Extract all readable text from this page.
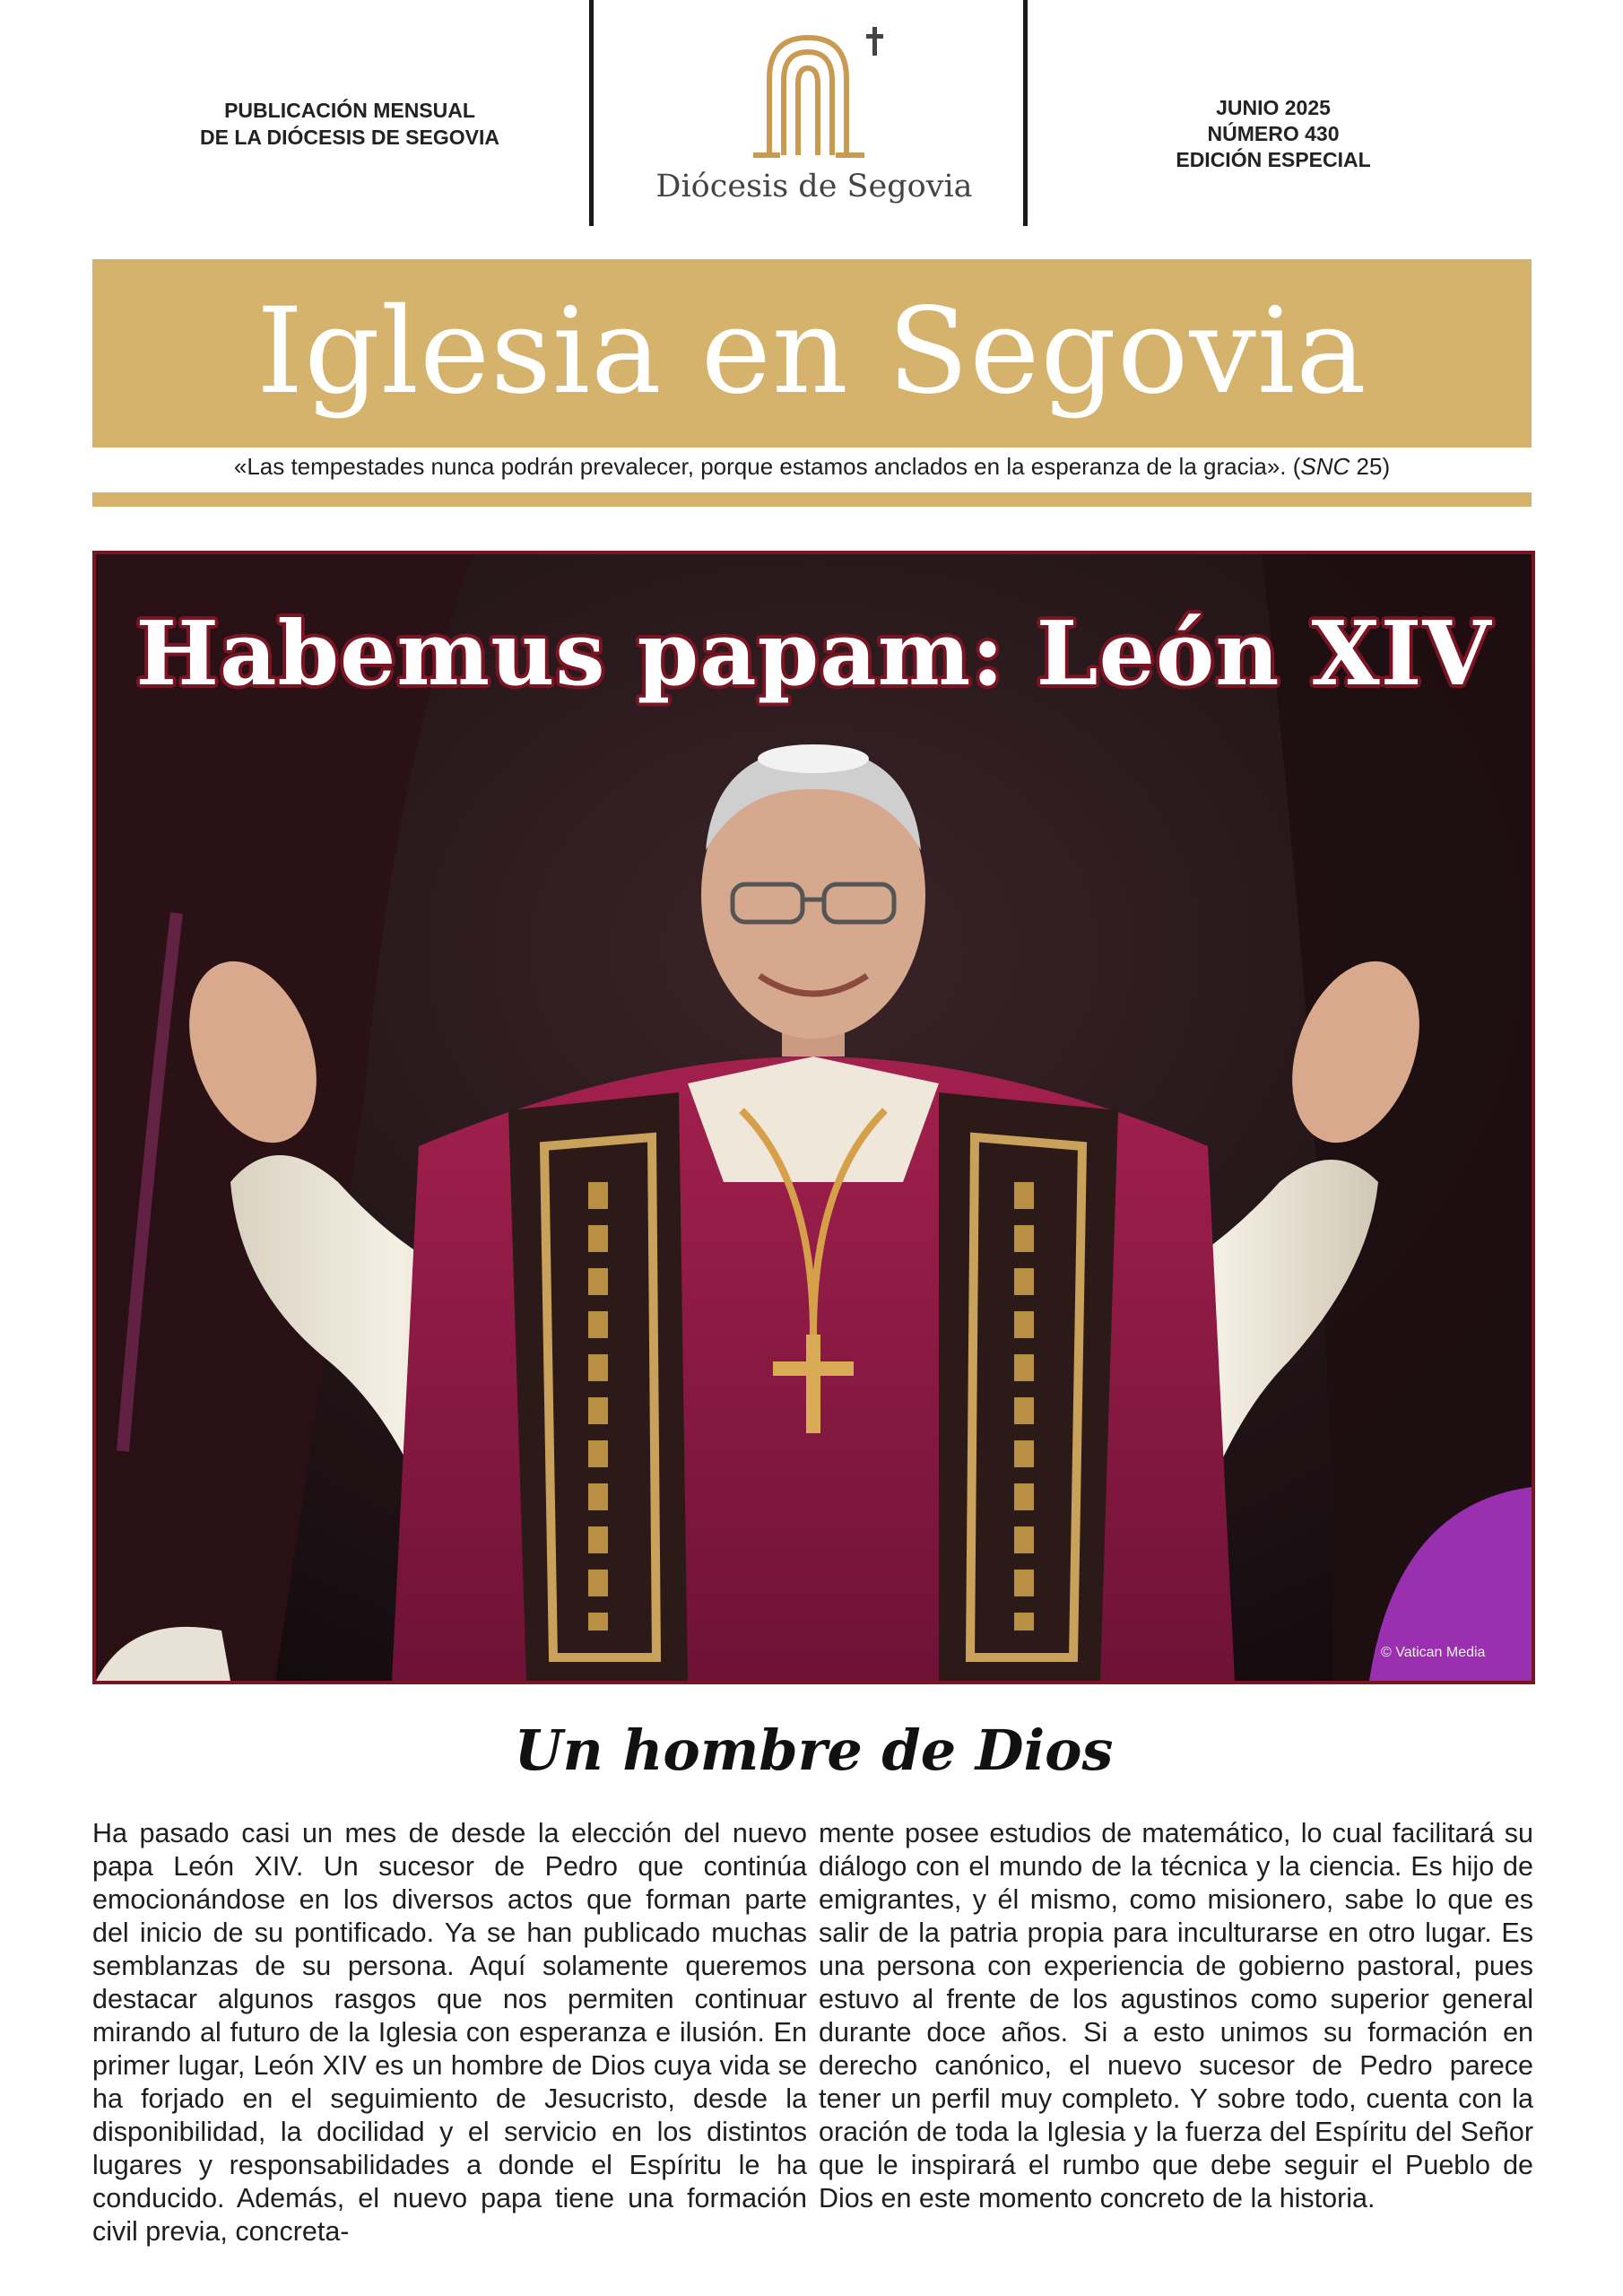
PUBLICACIÓN MENSUAL
DE LA DIÓCESIS DE SEGOVIA
Diócesis de Segovia
JUNIO 2025
NÚMERO 430
EDICIÓN ESPECIAL
Iglesia en Segovia
«Las tempestades nunca podrán prevalecer, porque estamos anclados en la esperanza de la gracia». (SNC 25)
Habemus papam: León XIV
© Vatican Media
Un hombre de Dios
Ha pasado casi un mes de desde la elección del nuevo papa León XIV. Un sucesor de Pedro que continúa emocionándose en los diversos actos que forman parte del inicio de su pontificado. Ya se han publicado muchas semblanzas de su persona. Aquí solamente queremos destacar algunos rasgos que nos permiten continuar mirando al futuro de la Iglesia con esperanza e ilusión. En primer lugar, León XIV es un hombre de Dios cuya vida se ha forjado en el seguimiento de Jesucristo, desde la disponibilidad, la docilidad y el servicio en los distintos lugares y responsabilidades a donde el Espíritu le ha conducido. Además, el nuevo papa tiene una formación civil previa, concreta-
mente posee estudios de matemático, lo cual facilitará su diálogo con el mundo de la técnica y la ciencia. Es hijo de emigrantes, y él mismo, como misionero, sabe lo que es salir de la patria propia para inculturarse en otro lugar. Es una persona con experiencia de gobierno pastoral, pues estuvo al frente de los agustinos como superior general durante doce años. Si a esto unimos su formación en derecho canónico, el nuevo sucesor de Pedro parece tener un perfil muy completo. Y sobre todo, cuenta con la oración de toda la Iglesia y la fuerza del Espíritu del Señor que le inspirará el rumbo que debe seguir el Pueblo de Dios en este momento concreto de la historia.
